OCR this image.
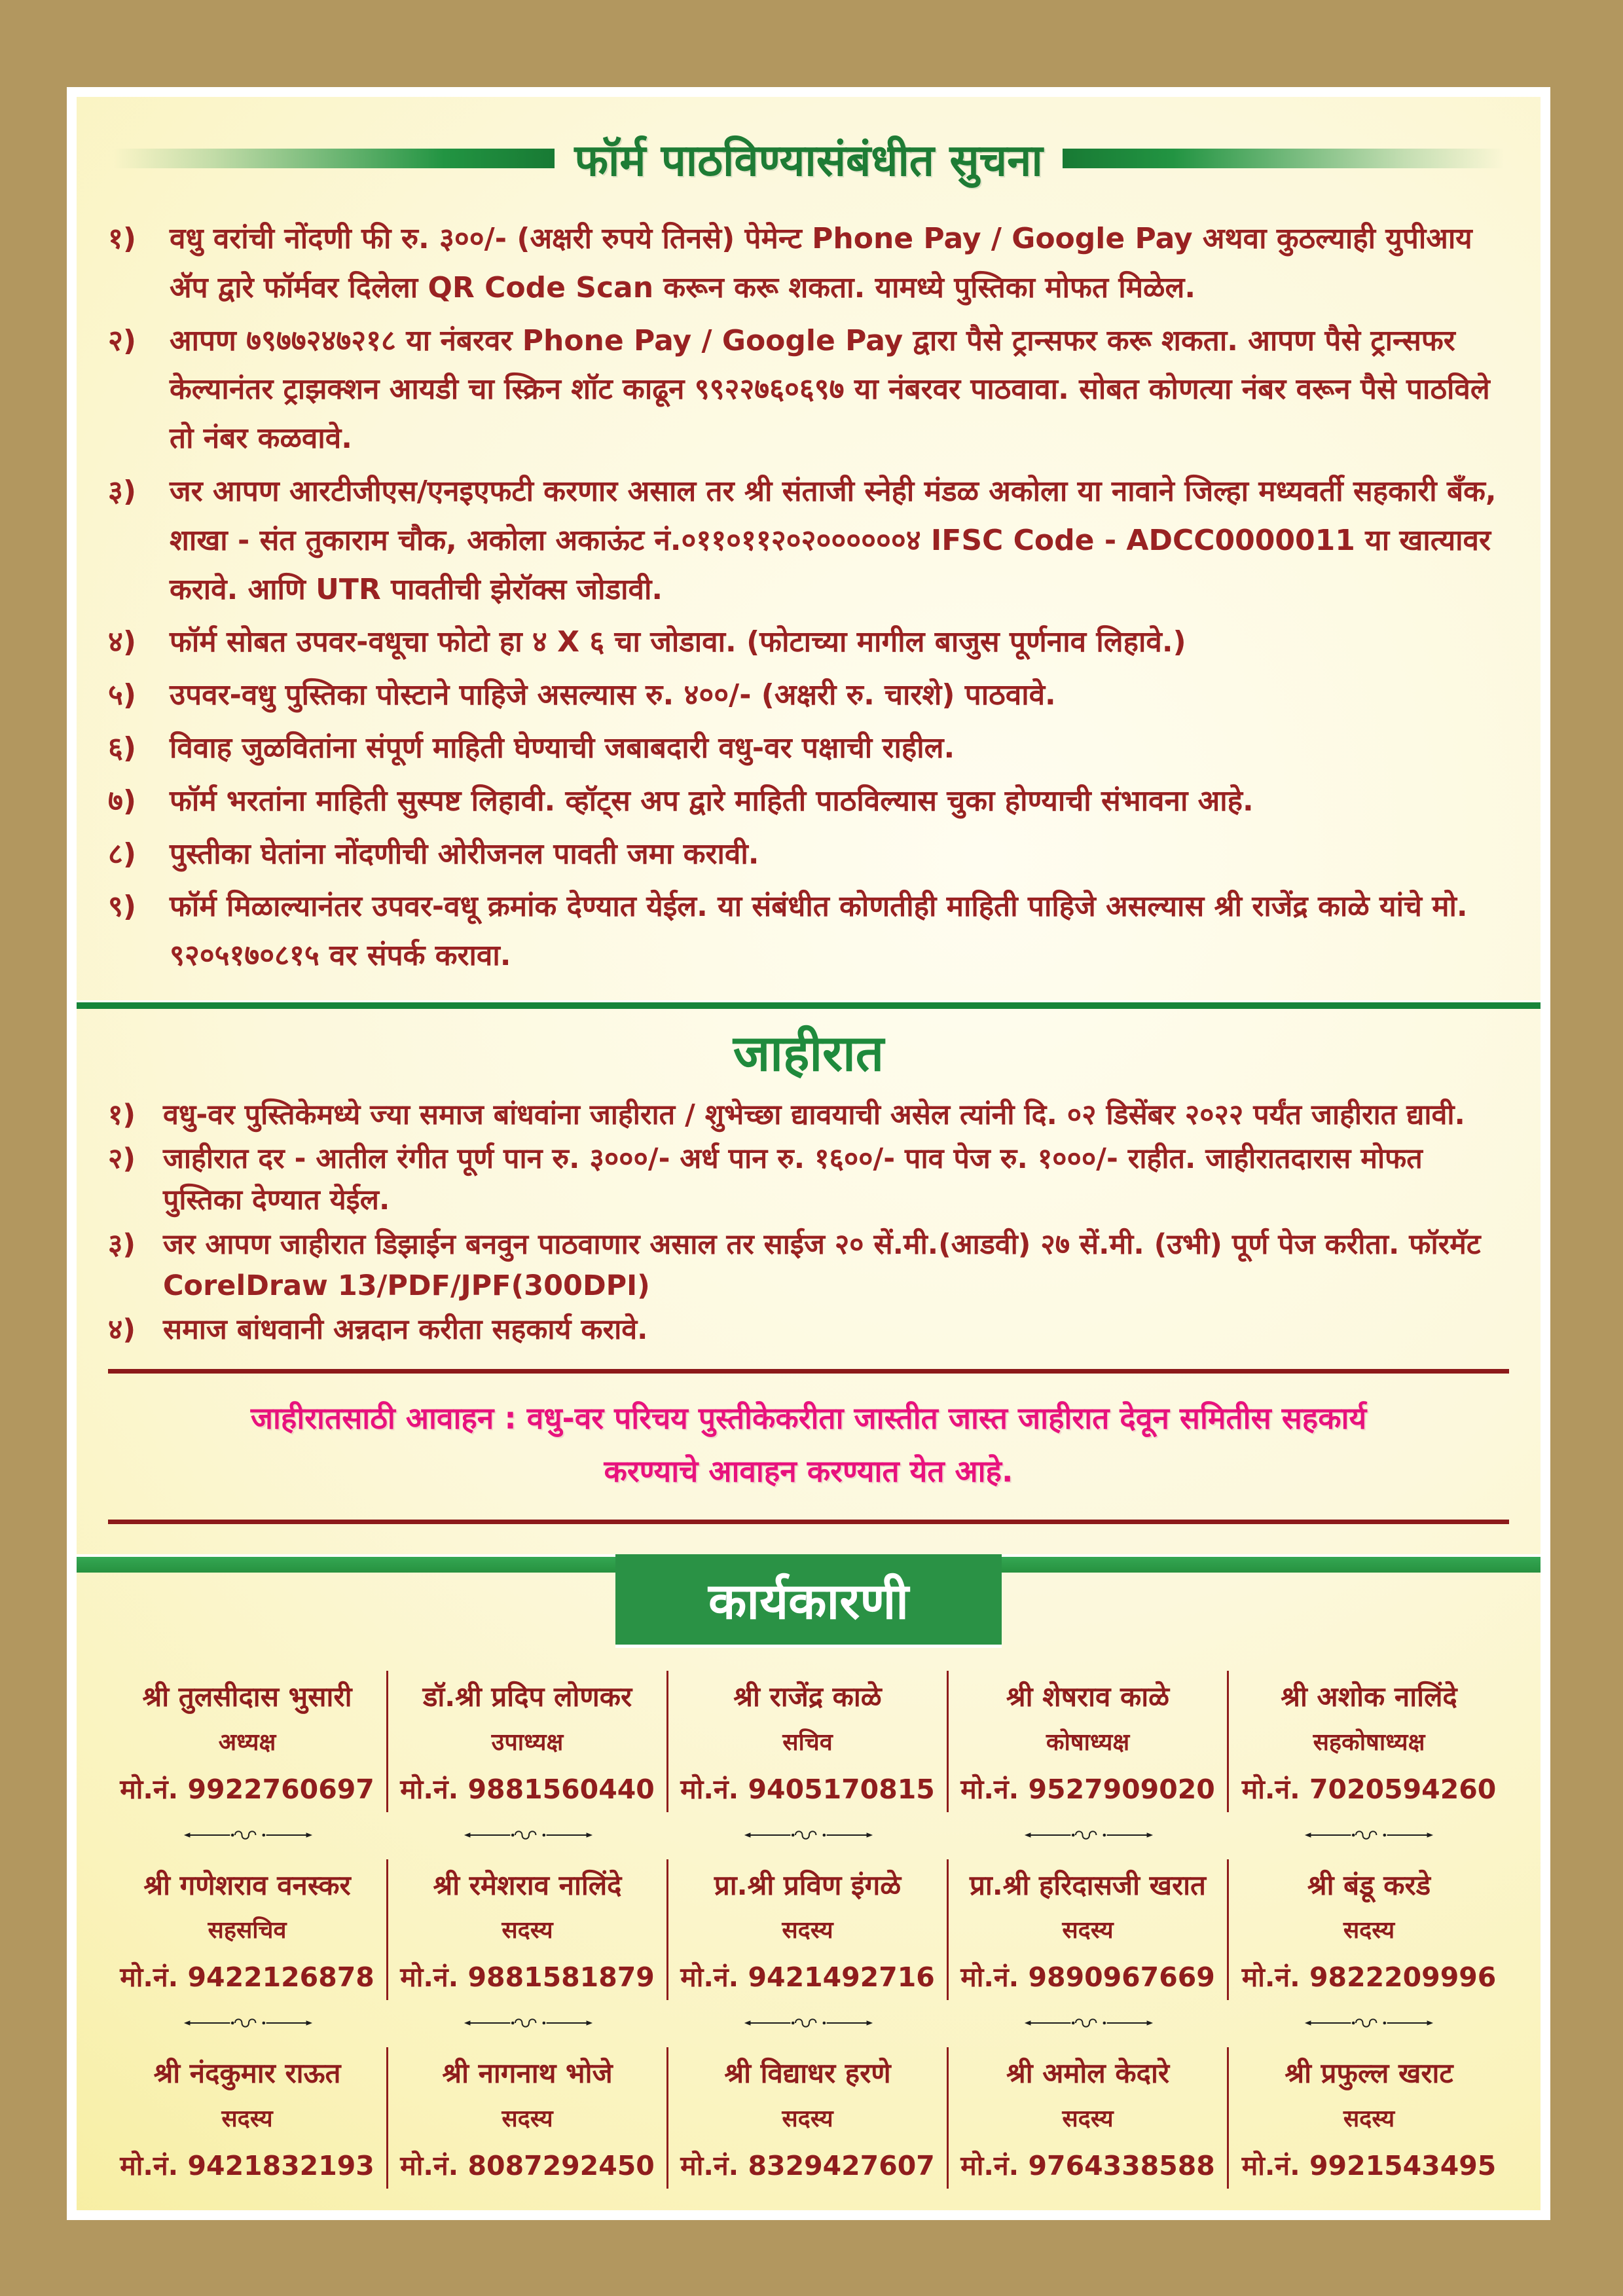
फॉर्म पाठविण्यासंबंधीत सुचना
१)	वधु वरांची नोंदणी फी रु. ३००/- (अक्षरी रुपये तिनसे) पेमेन्ट Phone Pay / Google Pay अथवा कुठल्याही युपीआय ॲप द्वारे फॉर्मवर दिलेला QR Code Scan करून करू शकता. यामध्ये पुस्तिका मोफत मिळेल.
२)	आपण ७९७७२४७२१८ या नंबरवर Phone Pay / Google Pay द्वारा पैसे ट्रान्सफर करू शकता. आपण पैसे ट्रान्सफर केल्यानंतर ट्राझक्शन आयडी चा स्क्रिन शॉट काढून ९९२२७६०६९७ या नंबरवर पाठवावा. सोबत कोणत्या नंबर वरून पैसे पाठविले तो नंबर कळवावे.
३)	जर आपण आरटीजीएस/एनइएफटी करणार असाल तर श्री संताजी स्नेही मंडळ अकोला या नावाने जिल्हा मध्यवर्ती सहकारी बँक, शाखा - संत तुकाराम चौक, अकोला अकाऊंट नं.०११०११२०२००००००४ IFSC Code - ADCC0000011 या खात्यावर करावे. आणि UTR पावतीची झेरॉक्स जोडावी.
४)	फॉर्म सोबत उपवर-वधूचा फोटो हा ४ X ६ चा जोडावा. (फोटाच्या मागील बाजुस पूर्णनाव लिहावे.)
५)	उपवर-वधु पुस्तिका पोस्टाने पाहिजे असल्यास रु. ४००/- (अक्षरी रु. चारशे) पाठवावे.
६)	विवाह जुळवितांना संपूर्ण माहिती घेण्याची जबाबदारी वधु-वर पक्षाची राहील.
७)	फॉर्म भरतांना माहिती सुस्पष्ट लिहावी. व्हॉट्स अप द्वारे माहिती पाठविल्यास चुका होण्याची संभावना आहे.
८)	पुस्तीका घेतांना नोंदणीची ओरीजनल पावती जमा करावी.
९)	फॉर्म मिळाल्यानंतर उपवर-वधू क्रमांक देण्यात येईल. या संबंधीत कोणतीही माहिती पाहिजे असल्यास श्री राजेंद्र काळे यांचे मो. ९२०५१७०८१५ वर संपर्क करावा.
जाहीरात
१) वधु-वर पुस्तिकेमध्ये ज्या समाज बांधवांना जाहीरात / शुभेच्छा द्यावयाची असेल त्यांनी दि. ०२ डिसेंबर २०२२ पर्यंत जाहीरात द्यावी.
२) जाहीरात दर - आतील रंगीत पूर्ण पान रु. ३०००/- अर्ध पान रु. १६००/- पाव पेज रु. १०००/- राहीत. जाहीरातदारास मोफत पुस्तिका देण्यात येईल.
३) जर आपण जाहीरात डिझाईन बनवुन पाठवाणार असाल तर साईज २० सें.मी.(आडवी) २७ सें.मी. (उभी) पूर्ण पेज करीता. फॉरमॅट CorelDraw 13/PDF/JPF(300DPI)
४) समाज बांधवानी अन्नदान करीता सहकार्य करावे.

जाहीरातसाठी आवाहन : वधु-वर परिचय पुस्तीकेकरीता जास्तीत जास्त जाहीरात देवून समितीस सहकार्य करण्याचे आवाहन करण्यात येत आहे.

कार्यकारणी
श्री तुलसीदास भुसारी
अध्यक्ष
मो.नं. 9922760697
डॉ.श्री प्रदिप लोणकर
उपाध्यक्ष
मो.नं. 9881560440
श्री राजेंद्र काळे
सचिव
मो.नं. 9405170815
श्री शेषराव काळे
कोषाध्यक्ष
मो.नं. 9527909020
श्री अशोक नालिंदे
सहकोषाध्यक्ष
मो.नं. 7020594260
श्री गणेशराव वनस्कर
सहसचिव
मो.नं. 9422126878
श्री रमेशराव नालिंदे
सदस्य
मो.नं. 9881581879
प्रा.श्री प्रविण इंगळे
सदस्य
मो.नं. 9421492716
प्रा.श्री हरिदासजी खरात
सदस्य
मो.नं. 9890967669
श्री बंडू करडे
सदस्य
मो.नं. 9822209996
श्री नंदकुमार राऊत
सदस्य
मो.नं. 9421832193
श्री नागनाथ भोजे
सदस्य
मो.नं. 8087292450
श्री विद्याधर हरणे
सदस्य
मो.नं. 8329427607
श्री अमोल केदारे
सदस्य
मो.नं. 9764338588
श्री प्रफुल्ल खराट
सदस्य
मो.नं. 9921543495
